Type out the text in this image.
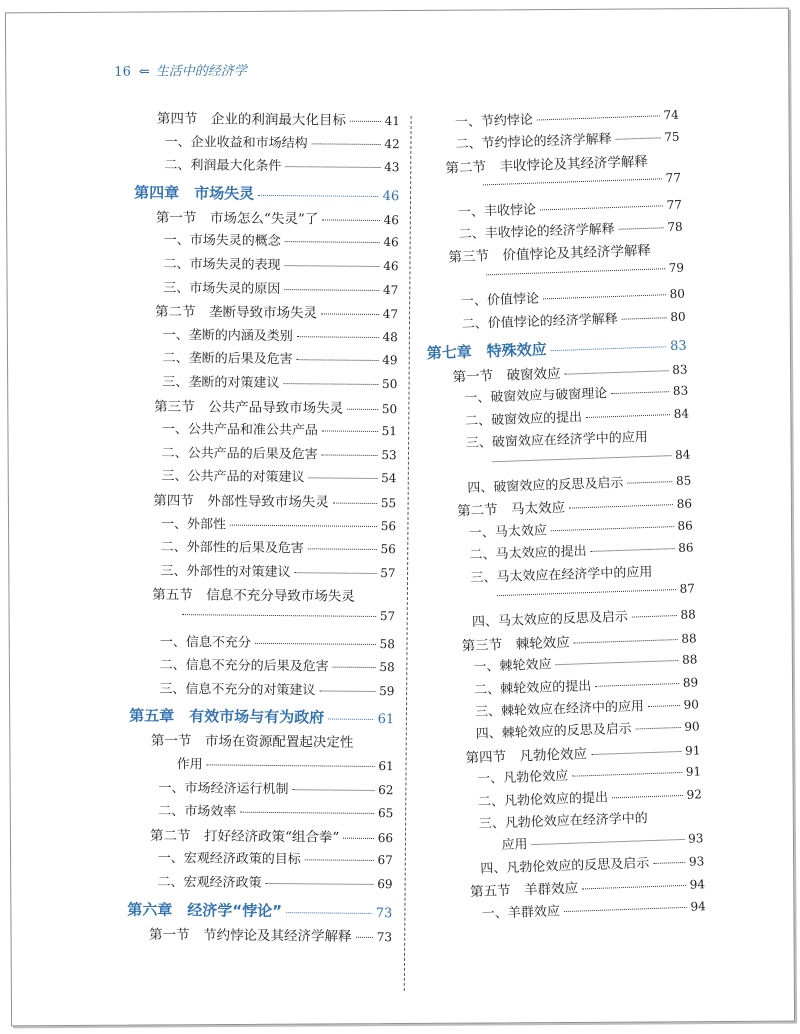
16 ⇐ 生活中的经济学
第四节　企业的利润最大化目标	41
一、企业收益和市场结构	42
二、利润最大化条件	43
第四章　市场失灵	46
第一节　市场怎么“失灵”了	46
一、市场失灵的概念	46
二、市场失灵的表现	46
三、市场失灵的原因	47
第二节　垄断导致市场失灵	47
一、垄断的内涵及类别	48
二、垄断的后果及危害	49
三、垄断的对策建议	50
第三节　公共产品导致市场失灵	50
一、公共产品和准公共产品	51
二、公共产品的后果及危害	53
三、公共产品的对策建议	54
第四节　外部性导致市场失灵	55
一、外部性	56
二、外部性的后果及危害	56
三、外部性的对策建议	57
第五节　信息不充分导致市场失灵
57
一、信息不充分	58
二、信息不充分的后果及危害	58
三、信息不充分的对策建议	59
第五章　有效市场与有为政府	61
第一节　市场在资源配置起决定性
作用	61
一、市场经济运行机制	62
二、市场效率	65
第二节　打好经济政策“组合拳”	66
一、宏观经济政策的目标	67
二、宏观经济政策	69
第六章　经济学“悖论”	73
第一节　节约悖论及其经济学解释 73
一、节约悖论	74
二、节约悖论的经济学解释	75
第二节　丰收悖论及其经济学解释
77
一、丰收悖论	77
二、丰收悖论的经济学解释	78
第三节　价值悖论及其经济学解释
79
一、价值悖论	80
二、价值悖论的经济学解释	80
第七章　特殊效应	83
第一节　破窗效应	83
一、破窗效应与破窗理论	83
二、破窗效应的提出	84
三、破窗效应在经济学中的应用
84
四、破窗效应的反思及启示	85
第二节　马太效应	86
一、马太效应	86
二、马太效应的提出	86
三、马太效应在经济学中的应用
87
四、马太效应的反思及启示	88
第三节　棘轮效应	88
一、棘轮效应	88
二、棘轮效应的提出	89
三、棘轮效应在经济中的应用	90
四、棘轮效应的反思及启示	90
第四节　凡勃伦效应	91
一、凡勃伦效应	91
二、凡勃伦效应的提出	92
三、凡勃伦效应在经济学中的
应用	93
四、凡勃伦效应的反思及启示	93
第五节　羊群效应	94
一、羊群效应	94
